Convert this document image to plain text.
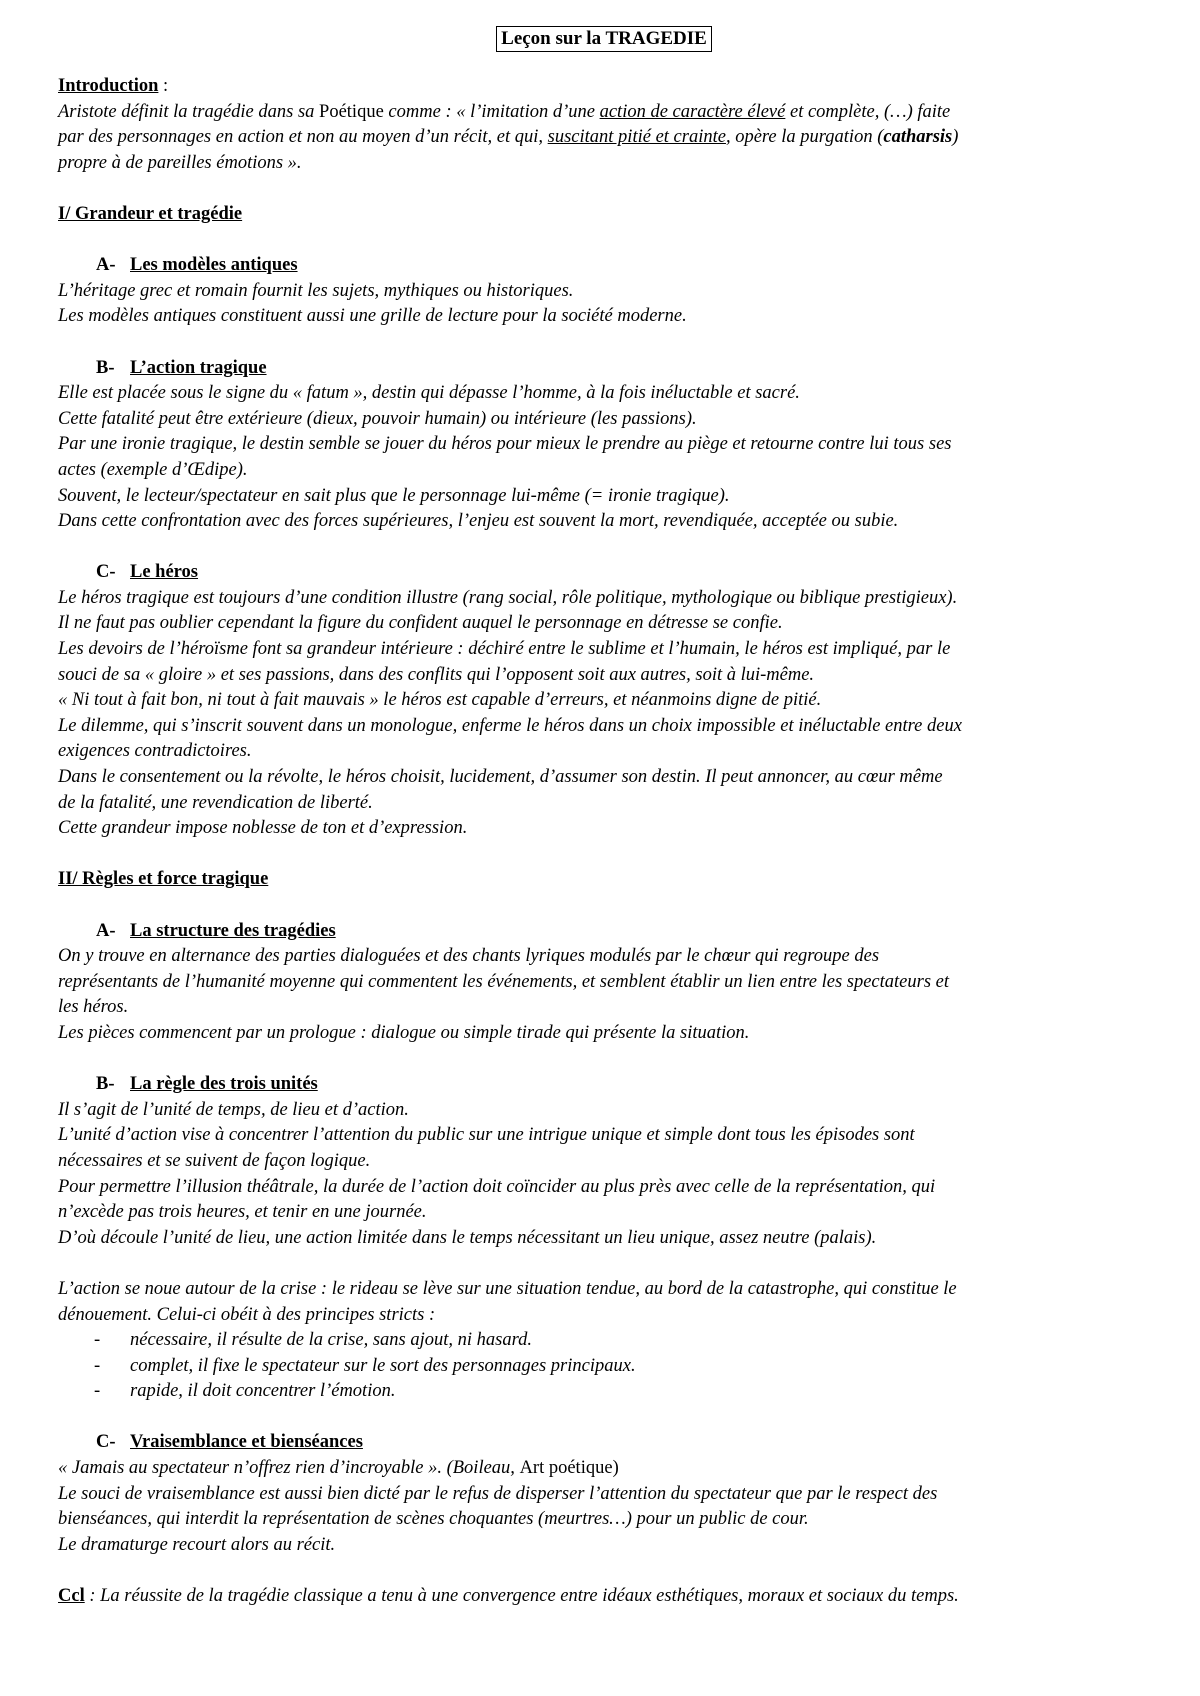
Leçon sur la TRAGEDIE
Introduction :
Aristote définit la tragédie dans sa Poétique comme : « l’imitation d’une action de caractère élevé et complète, (…) faite
par des personnages en action et non au moyen d’un récit, et qui, suscitant pitié et crainte, opère la purgation (catharsis)
propre à de pareilles émotions ».
I/ Grandeur et tragédie
A- Les modèles antiques
L’héritage grec et romain fournit les sujets, mythiques ou historiques.
Les modèles antiques constituent aussi une grille de lecture pour la société moderne.
B- L’action tragique
Elle est placée sous le signe du « fatum », destin qui dépasse l’homme, à la fois inéluctable et sacré.
Cette fatalité peut être extérieure (dieux, pouvoir humain) ou intérieure (les passions).
Par une ironie tragique, le destin semble se jouer du héros pour mieux le prendre au piège et retourne contre lui tous ses
actes (exemple d’Œdipe).
Souvent, le lecteur/spectateur en sait plus que le personnage lui-même (= ironie tragique).
Dans cette confrontation avec des forces supérieures, l’enjeu est souvent la mort, revendiquée, acceptée ou subie.
C- Le héros
Le héros tragique est toujours d’une condition illustre (rang social, rôle politique, mythologique ou biblique prestigieux).
Il ne faut pas oublier cependant la figure du confident auquel le personnage en détresse se confie.
Les devoirs de l’héroïsme font sa grandeur intérieure : déchiré entre le sublime et l’humain, le héros est impliqué, par le
souci de sa « gloire » et ses passions, dans des conflits qui l’opposent soit aux autres, soit à lui-même.
« Ni tout à fait bon, ni tout à fait mauvais » le héros est capable d’erreurs, et néanmoins digne de pitié.
Le dilemme, qui s’inscrit souvent dans un monologue, enferme le héros dans un choix impossible et inéluctable entre deux
exigences contradictoires.
Dans le consentement ou la révolte, le héros choisit, lucidement, d’assumer son destin. Il peut annoncer, au cœur même
de la fatalité, une revendication de liberté.
Cette grandeur impose noblesse de ton et d’expression.
II/ Règles et force tragique
A- La structure des tragédies
On y trouve en alternance des parties dialoguées et des chants lyriques modulés par le chœur qui regroupe des
représentants de l’humanité moyenne qui commentent les événements, et semblent établir un lien entre les spectateurs et
les héros.
Les pièces commencent par un prologue : dialogue ou simple tirade qui présente la situation.
B- La règle des trois unités
Il s’agit de l’unité de temps, de lieu et d’action.
L’unité d’action vise à concentrer l’attention du public sur une intrigue unique et simple dont tous les épisodes sont
nécessaires et se suivent de façon logique.
Pour permettre l’illusion théâtrale, la durée de l’action doit coïncider au plus près avec celle de la représentation, qui
n’excède pas trois heures, et tenir en une journée.
D’où découle l’unité de lieu, une action limitée dans le temps nécessitant un lieu unique, assez neutre (palais).
L’action se noue autour de la crise : le rideau se lève sur une situation tendue, au bord de la catastrophe, qui constitue le
dénouement. Celui-ci obéit à des principes stricts :
- nécessaire, il résulte de la crise, sans ajout, ni hasard.
- complet, il fixe le spectateur sur le sort des personnages principaux.
- rapide, il doit concentrer l’émotion.
C- Vraisemblance et bienséances
« Jamais au spectateur n’offrez rien d’incroyable ». (Boileau, Art poétique)
Le souci de vraisemblance est aussi bien dicté par le refus de disperser l’attention du spectateur que par le respect des
bienséances, qui interdit la représentation de scènes choquantes (meurtres…) pour un public de cour.
Le dramaturge recourt alors au récit.
Ccl : La réussite de la tragédie classique a tenu à une convergence entre idéaux esthétiques, moraux et sociaux du temps.
